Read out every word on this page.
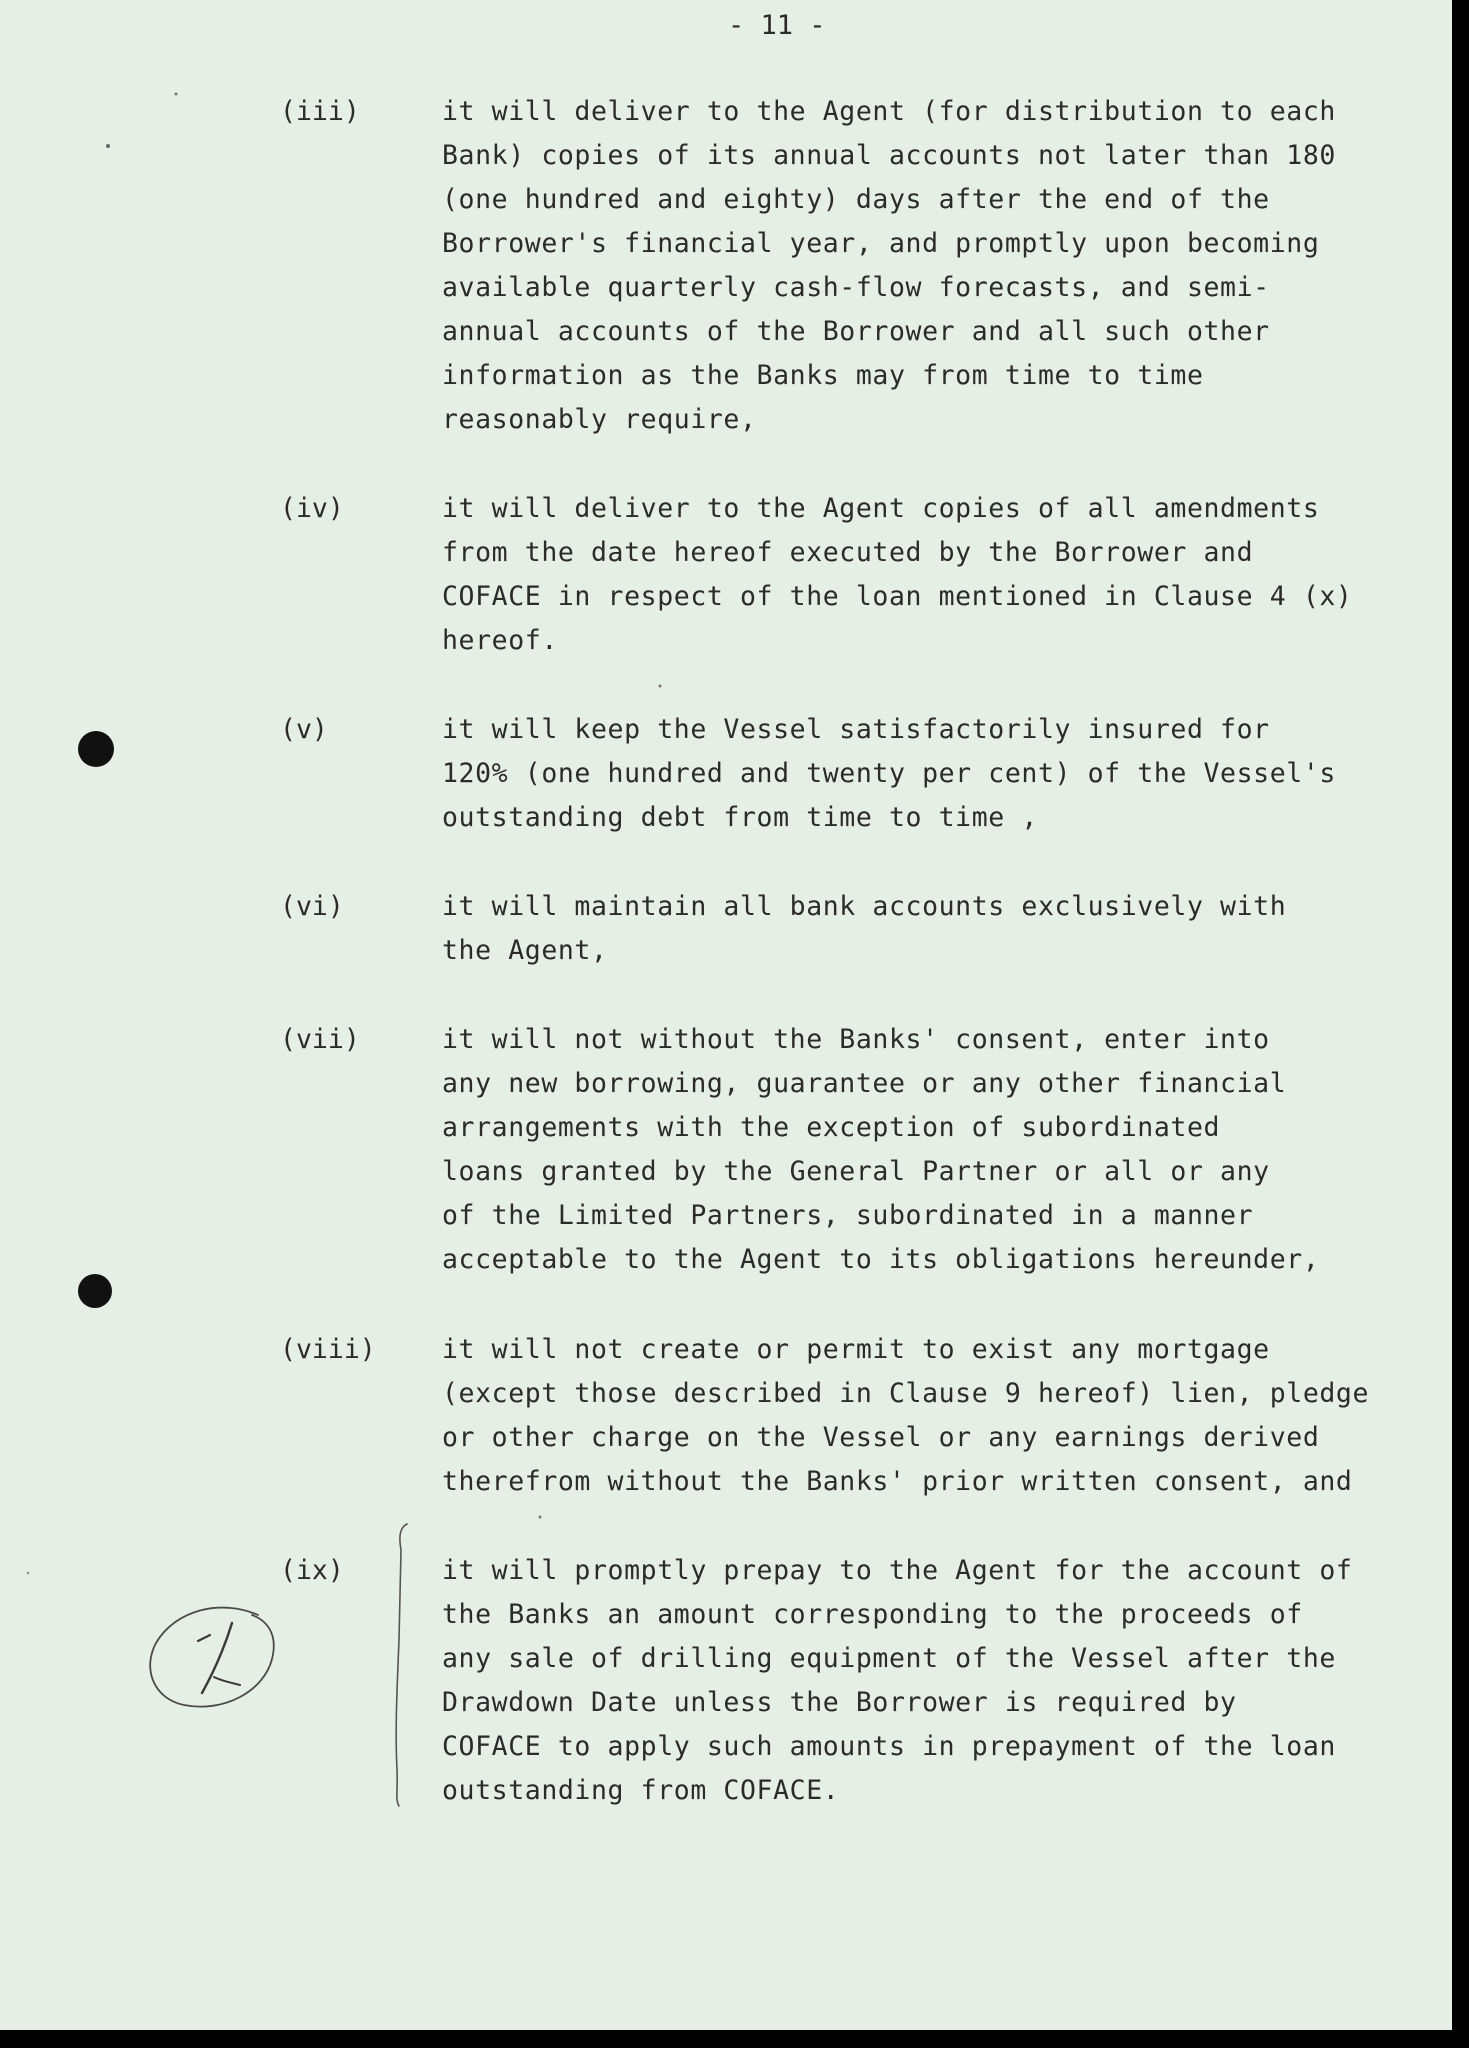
- 11 -
(iii)	it will deliver to the Agent (for distribution to each
Bank) copies of its annual accounts not later than 180
(one hundred and eighty) days after the end of the
Borrower's financial year, and promptly upon becoming
available quarterly cash-flow forecasts, and semi-
annual accounts of the Borrower and all such other
information as the Banks may from time to time
reasonably require,
(iv)	it will deliver to the Agent copies of all amendments
from the date hereof executed by the Borrower and
COFACE in respect of the loan mentioned in Clause 4 (x)
hereof.
(v)	it will keep the Vessel satisfactorily insured for
120% (one hundred and twenty per cent) of the Vessel's
outstanding debt from time to time ,
(vi)	it will maintain all bank accounts exclusively with
the Agent,
(vii)	it will not without the Banks' consent, enter into
any new borrowing, guarantee or any other financial
arrangements with the exception of subordinated
loans granted by the General Partner or all or any
of the Limited Partners, subordinated in a manner
acceptable to the Agent to its obligations hereunder,
(viii)	it will not create or permit to exist any mortgage
(except those described in Clause 9 hereof) lien, pledge
or other charge on the Vessel or any earnings derived
therefrom without the Banks' prior written consent, and
(ix)	it will promptly prepay to the Agent for the account of
the Banks an amount corresponding to the proceeds of
any sale of drilling equipment of the Vessel after the
Drawdown Date unless the Borrower is required by
COFACE to apply such amounts in prepayment of the loan
outstanding from COFACE.
